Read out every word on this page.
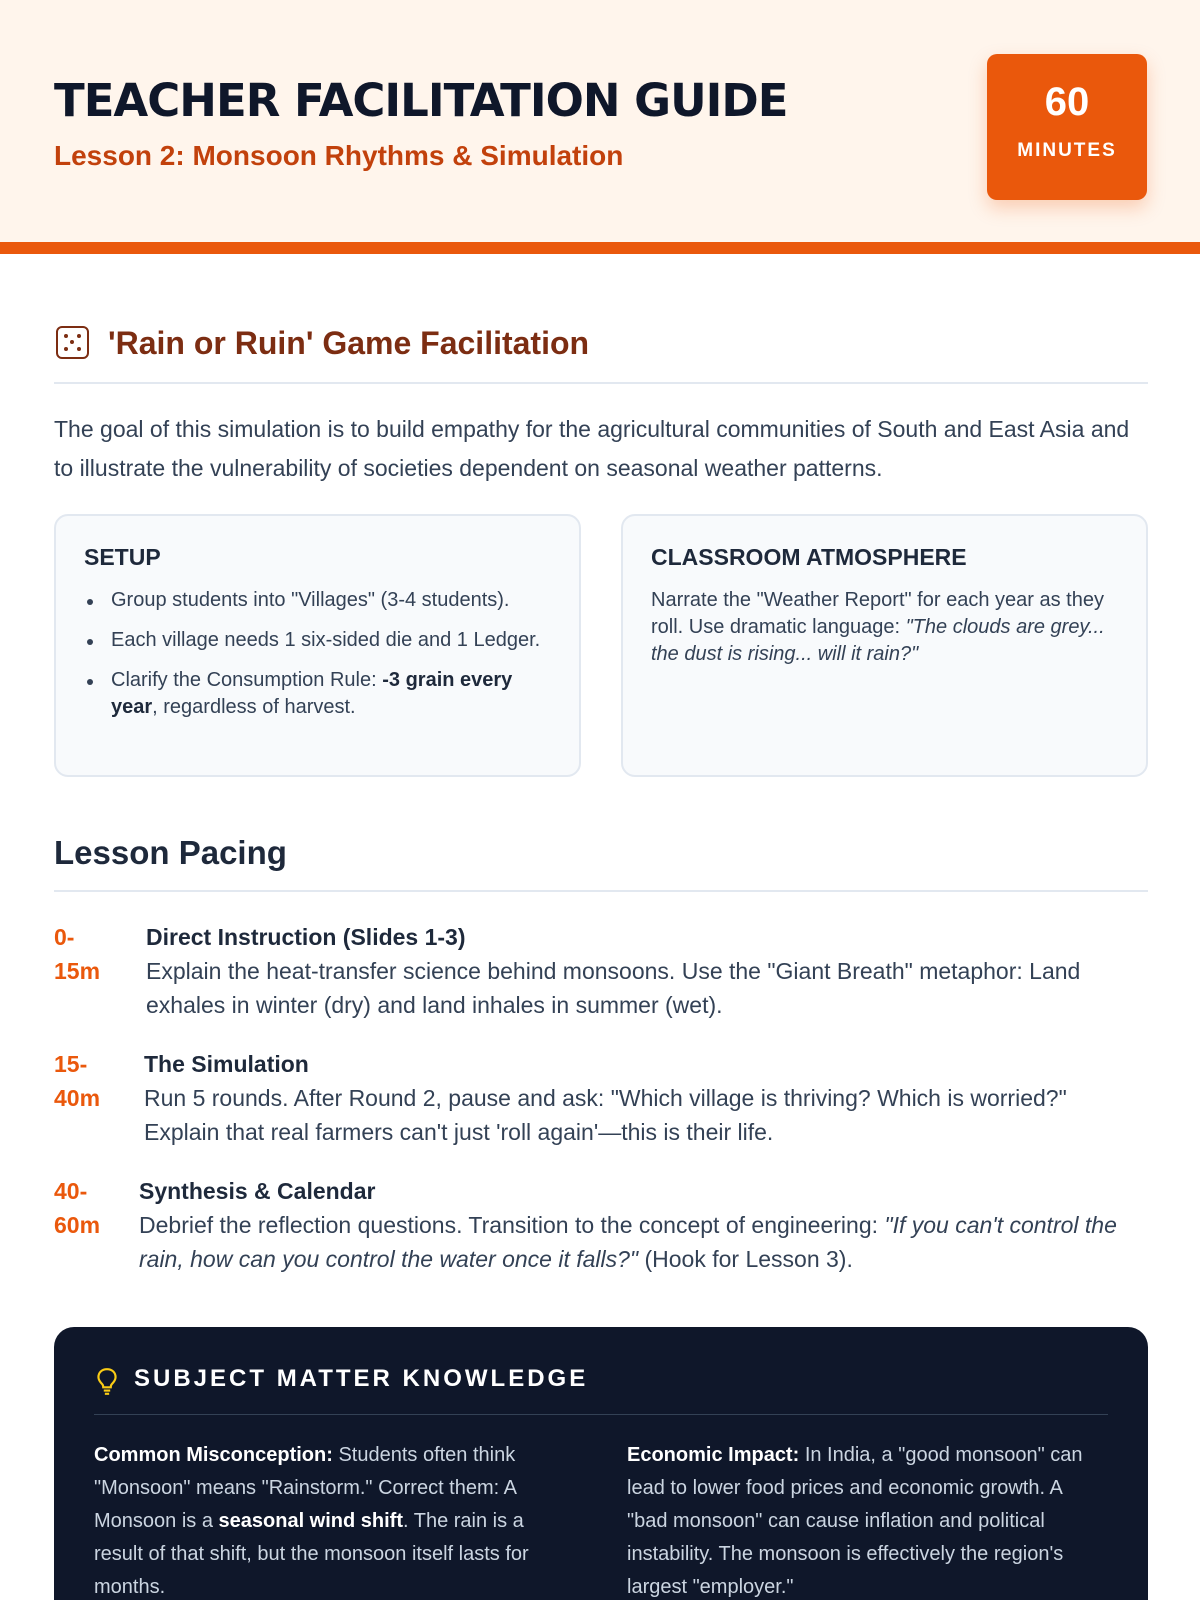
TEACHER FACILITATION GUIDE
Lesson 2: Monsoon Rhythms & Simulation
60
MINUTES
'Rain or Ruin' Game Facilitation

The goal of this simulation is to build empathy for the agricultural communities of South and East Asia and to illustrate the vulnerability of societies dependent on seasonal weather patterns.

SETUP
Group students into "Villages" (3-4 students).
Each village needs 1 six-sided die and 1 Ledger.
Clarify the Consumption Rule: -3 grain every year, regardless of harvest.
CLASSROOM ATMOSPHERE

Narrate the "Weather Report" for each year as they roll. Use dramatic language: "The clouds are grey... the dust is rising... will it rain?"

Lesson Pacing
0-
15m
Direct Instruction (Slides 1-3)
Explain the heat-transfer science behind monsoons. Use the "Giant Breath" metaphor: Land exhales in winter (dry) and land inhales in summer (wet).
15-
40m
The Simulation
Run 5 rounds. After Round 2, pause and ask: "Which village is thriving? Which is worried?" Explain that real farmers can't just 'roll again'—this is their life.
40-
60m
Synthesis & Calendar
Debrief the reflection questions. Transition to the concept of engineering: "If you can't control the rain, how can you control the water once it falls?" (Hook for Lesson 3).
SUBJECT MATTER KNOWLEDGE
Common Misconception: Students often think "Monsoon" means "Rainstorm." Correct them: A Monsoon is a seasonal wind shift. The rain is a result of that shift, but the monsoon itself lasts for months.
Economic Impact: In India, a "good monsoon" can lead to lower food prices and economic growth. A "bad monsoon" can cause inflation and political instability. The monsoon is effectively the region's largest "employer."
